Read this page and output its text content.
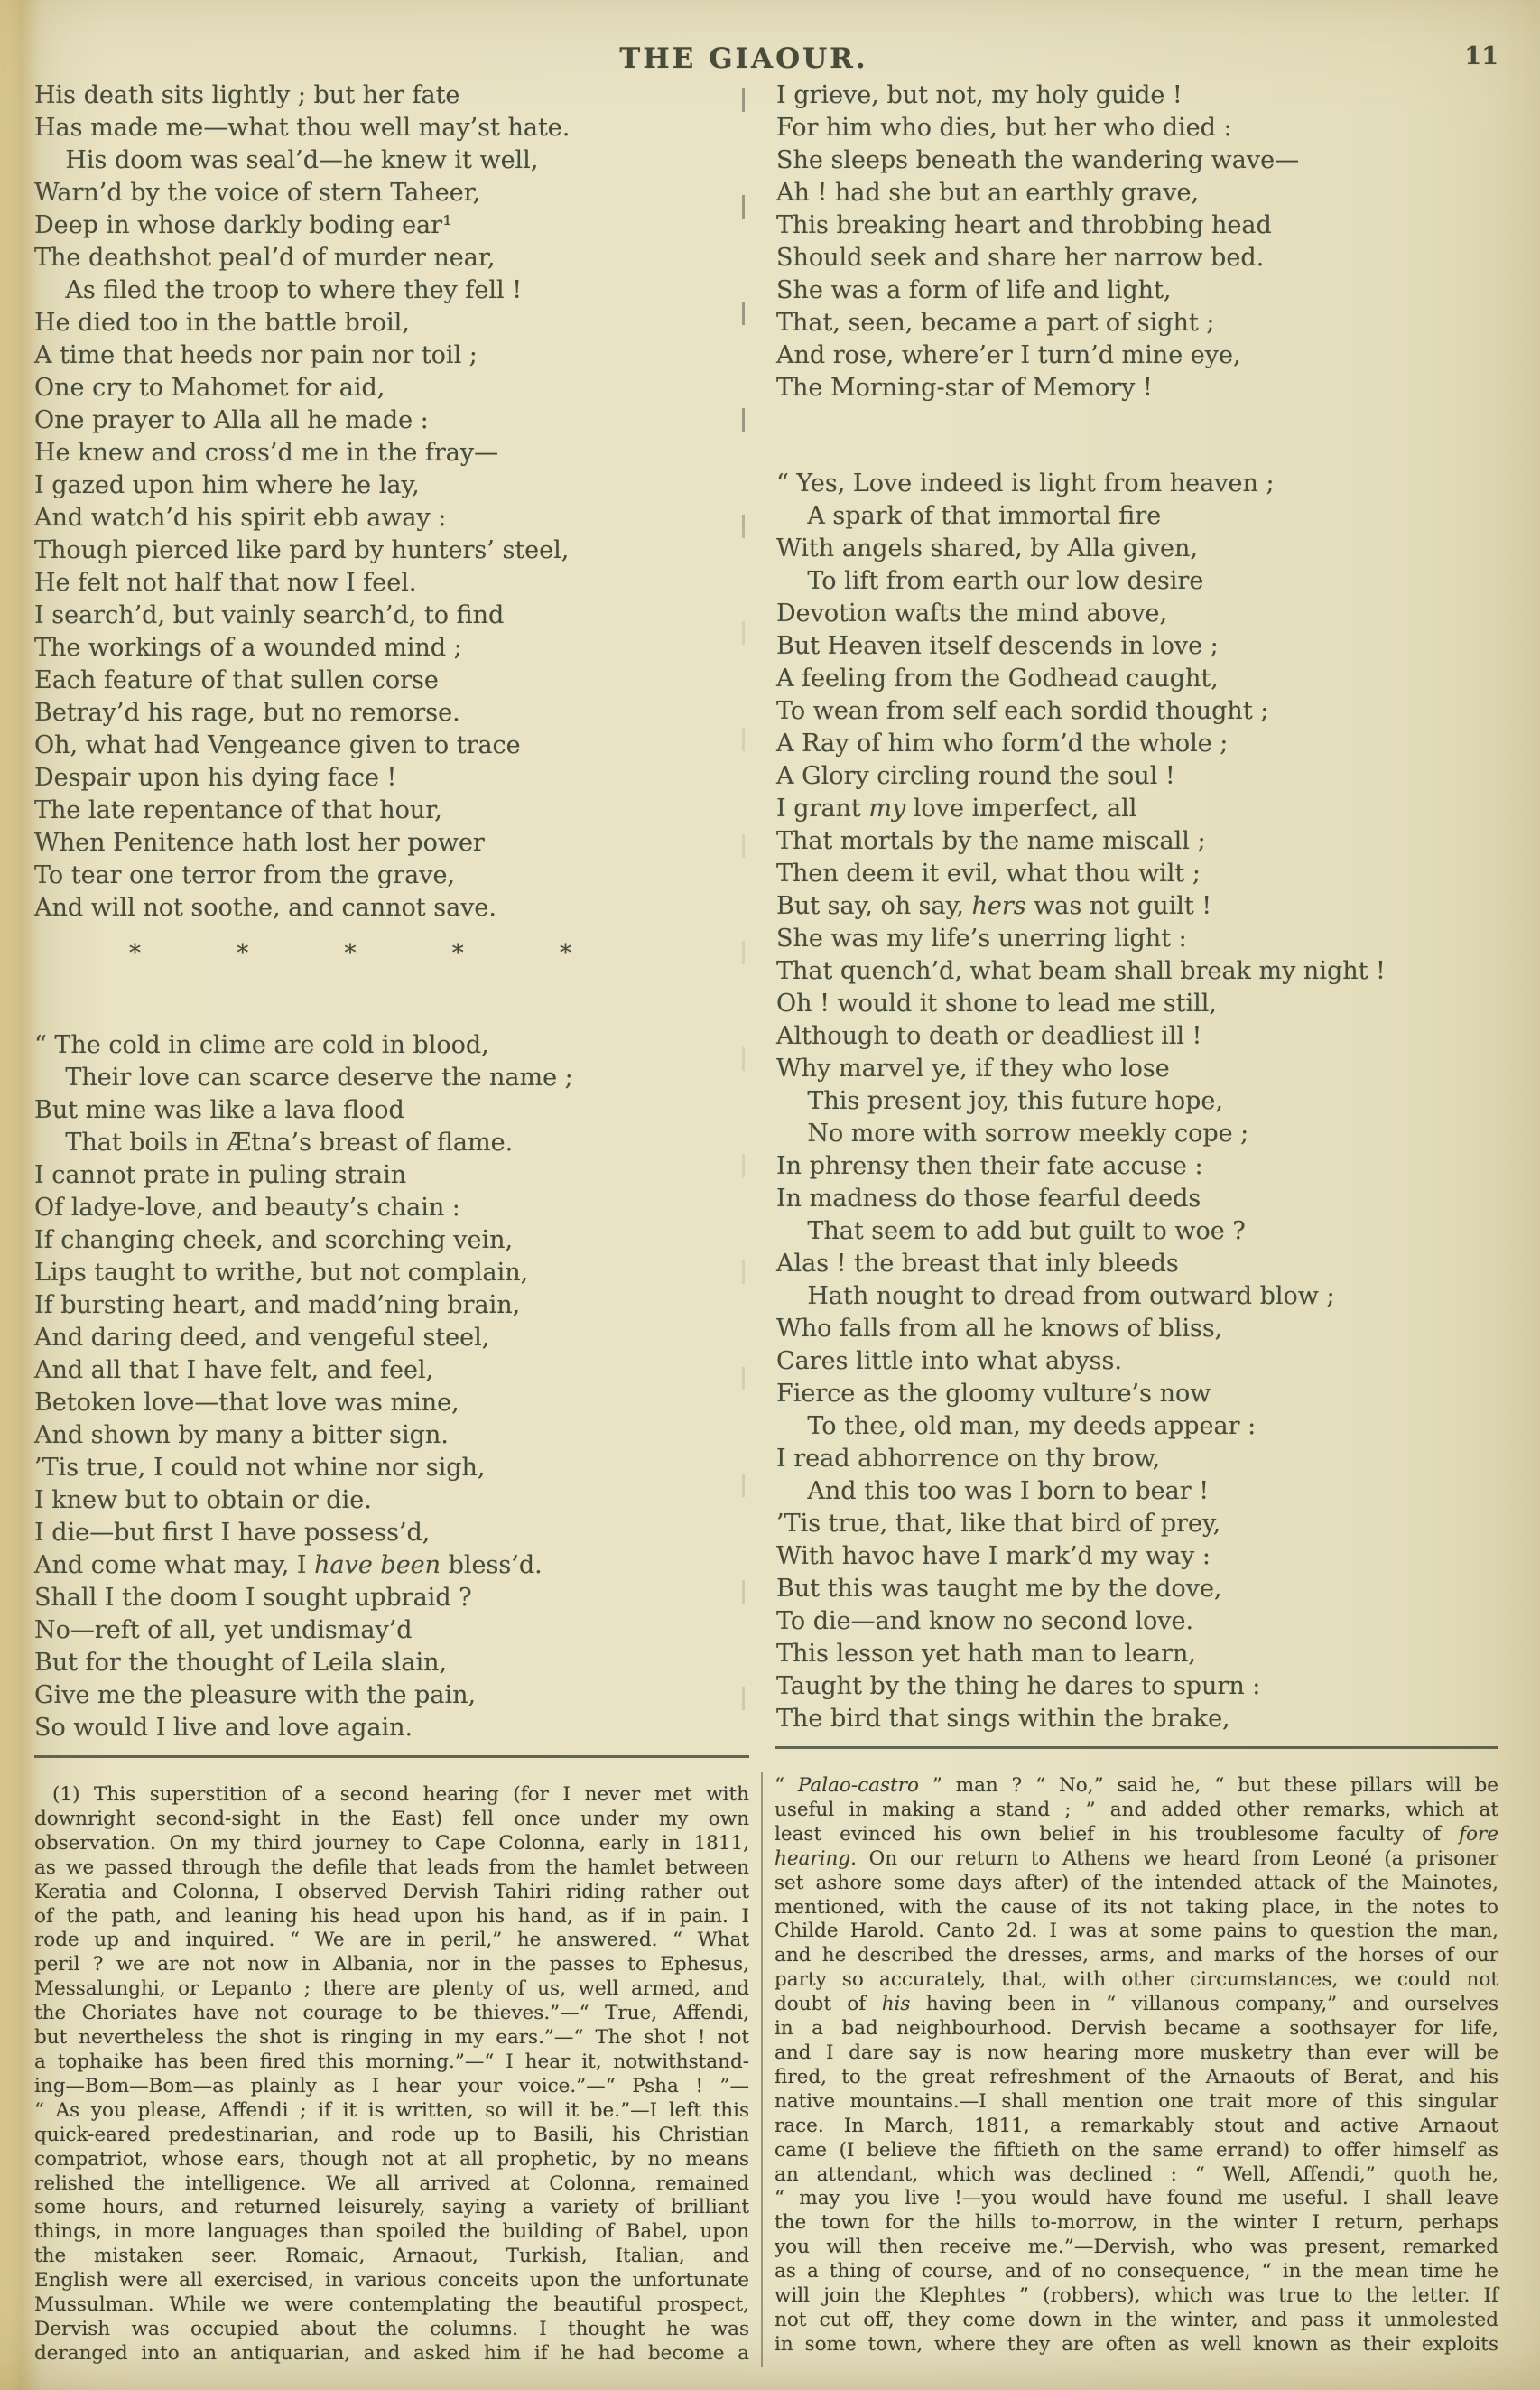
THE GIAOUR.	11
His death sits lightly ; but her fate
Has made me—what thou well may’st hate.
His doom was seal’d—he knew it well,
Warn’d by the voice of stern Taheer,
Deep in whose darkly boding ear¹
The deathshot peal’d of murder near,
As filed the troop to where they fell !
He died too in the battle broil,
A time that heeds nor pain nor toil ;
One cry to Mahomet for aid,
One prayer to Alla all he made :
He knew and cross’d me in the fray—
I gazed upon him where he lay,
And watch’d his spirit ebb away :
Though pierced like pard by hunters’ steel,
He felt not half that now I feel.
I search’d, but vainly search’d, to find
The workings of a wounded mind ;
Each feature of that sullen corse
Betray’d his rage, but no remorse.
Oh, what had Vengeance given to trace
Despair upon his dying face !
The late repentance of that hour,
When Penitence hath lost her power
To tear one terror from the grave,
And will not soothe, and cannot save.
*	*	*	*	*
“ The cold in clime are cold in blood,
Their love can scarce deserve the name ;
But mine was like a lava flood
That boils in Ætna’s breast of flame.
I cannot prate in puling strain
Of ladye-love, and beauty’s chain :
If changing cheek, and scorching vein,
Lips taught to writhe, but not complain,
If bursting heart, and madd’ning brain,
And daring deed, and vengeful steel,
And all that I have felt, and feel,
Betoken love—that love was mine,
And shown by many a bitter sign.
’Tis true, I could not whine nor sigh,
I knew but to obtain or die.
I die—but first I have possess’d,
And come what may, I have been bless’d.
Shall I the doom I sought upbraid ?
No—reft of all, yet undismay’d
But for the thought of Leila slain,
Give me the pleasure with the pain,
So would I live and love again.
I grieve, but not, my holy guide !
For him who dies, but her who died :
She sleeps beneath the wandering wave—
Ah ! had she but an earthly grave,
This breaking heart and throbbing head
Should seek and share her narrow bed.
She was a form of life and light,
That, seen, became a part of sight ;
And rose, where’er I turn’d mine eye,
The Morning-star of Memory !
“ Yes, Love indeed is light from heaven ;
A spark of that immortal fire
With angels shared, by Alla given,
To lift from earth our low desire
Devotion wafts the mind above,
But Heaven itself descends in love ;
A feeling from the Godhead caught,
To wean from self each sordid thought ;
A Ray of him who form’d the whole ;
A Glory circling round the soul !
I grant my love imperfect, all
That mortals by the name miscall ;
Then deem it evil, what thou wilt ;
But say, oh say, hers was not guilt !
She was my life’s unerring light :
That quench’d, what beam shall break my night !
Oh ! would it shone to lead me still,
Although to death or deadliest ill !
Why marvel ye, if they who lose
This present joy, this future hope,
No more with sorrow meekly cope ;
In phrensy then their fate accuse :
In madness do those fearful deeds
That seem to add but guilt to woe ?
Alas ! the breast that inly bleeds
Hath nought to dread from outward blow ;
Who falls from all he knows of bliss,
Cares little into what abyss.
Fierce as the gloomy vulture’s now
To thee, old man, my deeds appear :
I read abhorrence on thy brow,
And this too was I born to bear !
’Tis true, that, like that bird of prey,
With havoc have I mark’d my way :
But this was taught me by the dove,
To die—and know no second love.
This lesson yet hath man to learn,
Taught by the thing he dares to spurn :
The bird that sings within the brake,
(1) This superstition of a second hearing (for I never met with
downright second-sight in the East) fell once under my own
observation. On my third journey to Cape Colonna, early in 1811,
as we passed through the defile that leads from the hamlet between
Keratia and Colonna, I observed Dervish Tahiri riding rather out
of the path, and leaning his head upon his hand, as if in pain. I
rode up and inquired. “ We are in peril,” he answered. “ What
peril ? we are not now in Albania, nor in the passes to Ephesus,
Messalunghi, or Lepanto ; there are plenty of us, well armed, and
the Choriates have not courage to be thieves.”—“ True, Affendi,
but nevertheless the shot is ringing in my ears.”—“ The shot ! not
a tophaike has been fired this morning.”—“ I hear it, notwithstand-
ing—Bom—Bom—as plainly as I hear your voice.”—“ Psha ! ”—
“ As you please, Affendi ; if it is written, so will it be.”—I left this
quick-eared predestinarian, and rode up to Basili, his Christian
compatriot, whose ears, though not at all prophetic, by no means
relished the intelligence. We all arrived at Colonna, remained
some hours, and returned leisurely, saying a variety of brilliant
things, in more languages than spoiled the building of Babel, upon
the mistaken seer. Romaic, Arnaout, Turkish, Italian, and
English were all exercised, in various conceits upon the unfortunate
Mussulman. While we were contemplating the beautiful prospect,
Dervish was occupied about the columns. I thought he was
deranged into an antiquarian, and asked him if he had become a
“ Palao-castro ” man ? “ No,” said he, “ but these pillars will be
useful in making a stand ; ” and added other remarks, which at
least evinced his own belief in his troublesome faculty of fore
hearing. On our return to Athens we heard from Leoné (a prisoner
set ashore some days after) of the intended attack of the Mainotes,
mentioned, with the cause of its not taking place, in the notes to
Childe Harold. Canto 2d. I was at some pains to question the man,
and he described the dresses, arms, and marks of the horses of our
party so accurately, that, with other circumstances, we could not
doubt of his having been in “ villanous company,” and ourselves
in a bad neighbourhood. Dervish became a soothsayer for life,
and I dare say is now hearing more musketry than ever will be
fired, to the great refreshment of the Arnaouts of Berat, and his
native mountains.—I shall mention one trait more of this singular
race. In March, 1811, a remarkably stout and active Arnaout
came (I believe the fiftieth on the same errand) to offer himself as
an attendant, which was declined : “ Well, Affendi,” quoth he,
“ may you live !—you would have found me useful. I shall leave
the town for the hills to-morrow, in the winter I return, perhaps
you will then receive me.”—Dervish, who was present, remarked
as a thing of course, and of no consequence, “ in the mean time he
will join the Klephtes ” (robbers), which was true to the letter. If
not cut off, they come down in the winter, and pass it unmolested
in some town, where they are often as well known as their exploits
